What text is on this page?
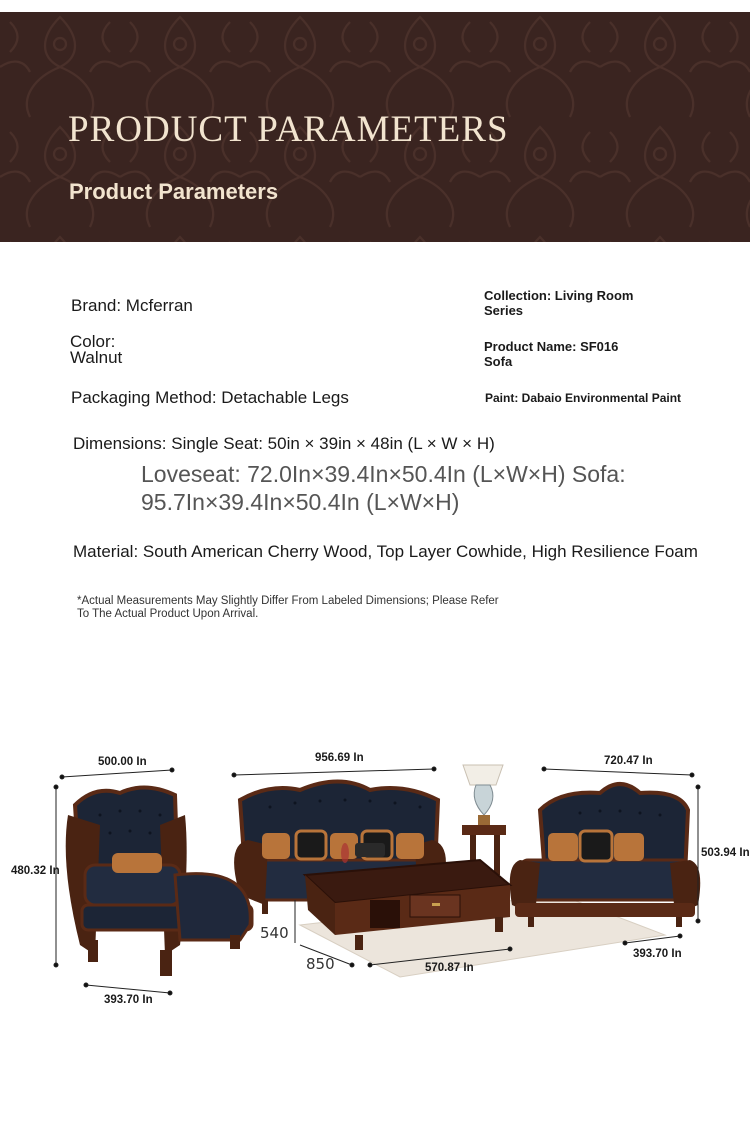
PRODUCT PARAMETERS
Product Parameters

Brand: Mcferran

Collection: Living Room
Series
Color:
Walnut
Product Name: SF016
Sofa

Packaging Method: Detachable Legs	Paint: Dabaio Environmental Paint

Dimensions: Single Seat: 50in × 39in × 48in (L × W × H)

Loveseat: 72.0In×39.4In×50.4In (L×W×H) Sofa: 95.7In×39.4In×50.4In (L×W×H)

Material: South American Cherry Wood, Top Layer Cowhide, High Resilience Foam

*Actual Measurements May Slightly Differ From Labeled Dimensions; Please Refer To The Actual Product Upon Arrival.

500.00 In	956.69 In	720.47 In
480.32 In
503.94 In
393.70 In
393.70 In
570.87 In
540
850
